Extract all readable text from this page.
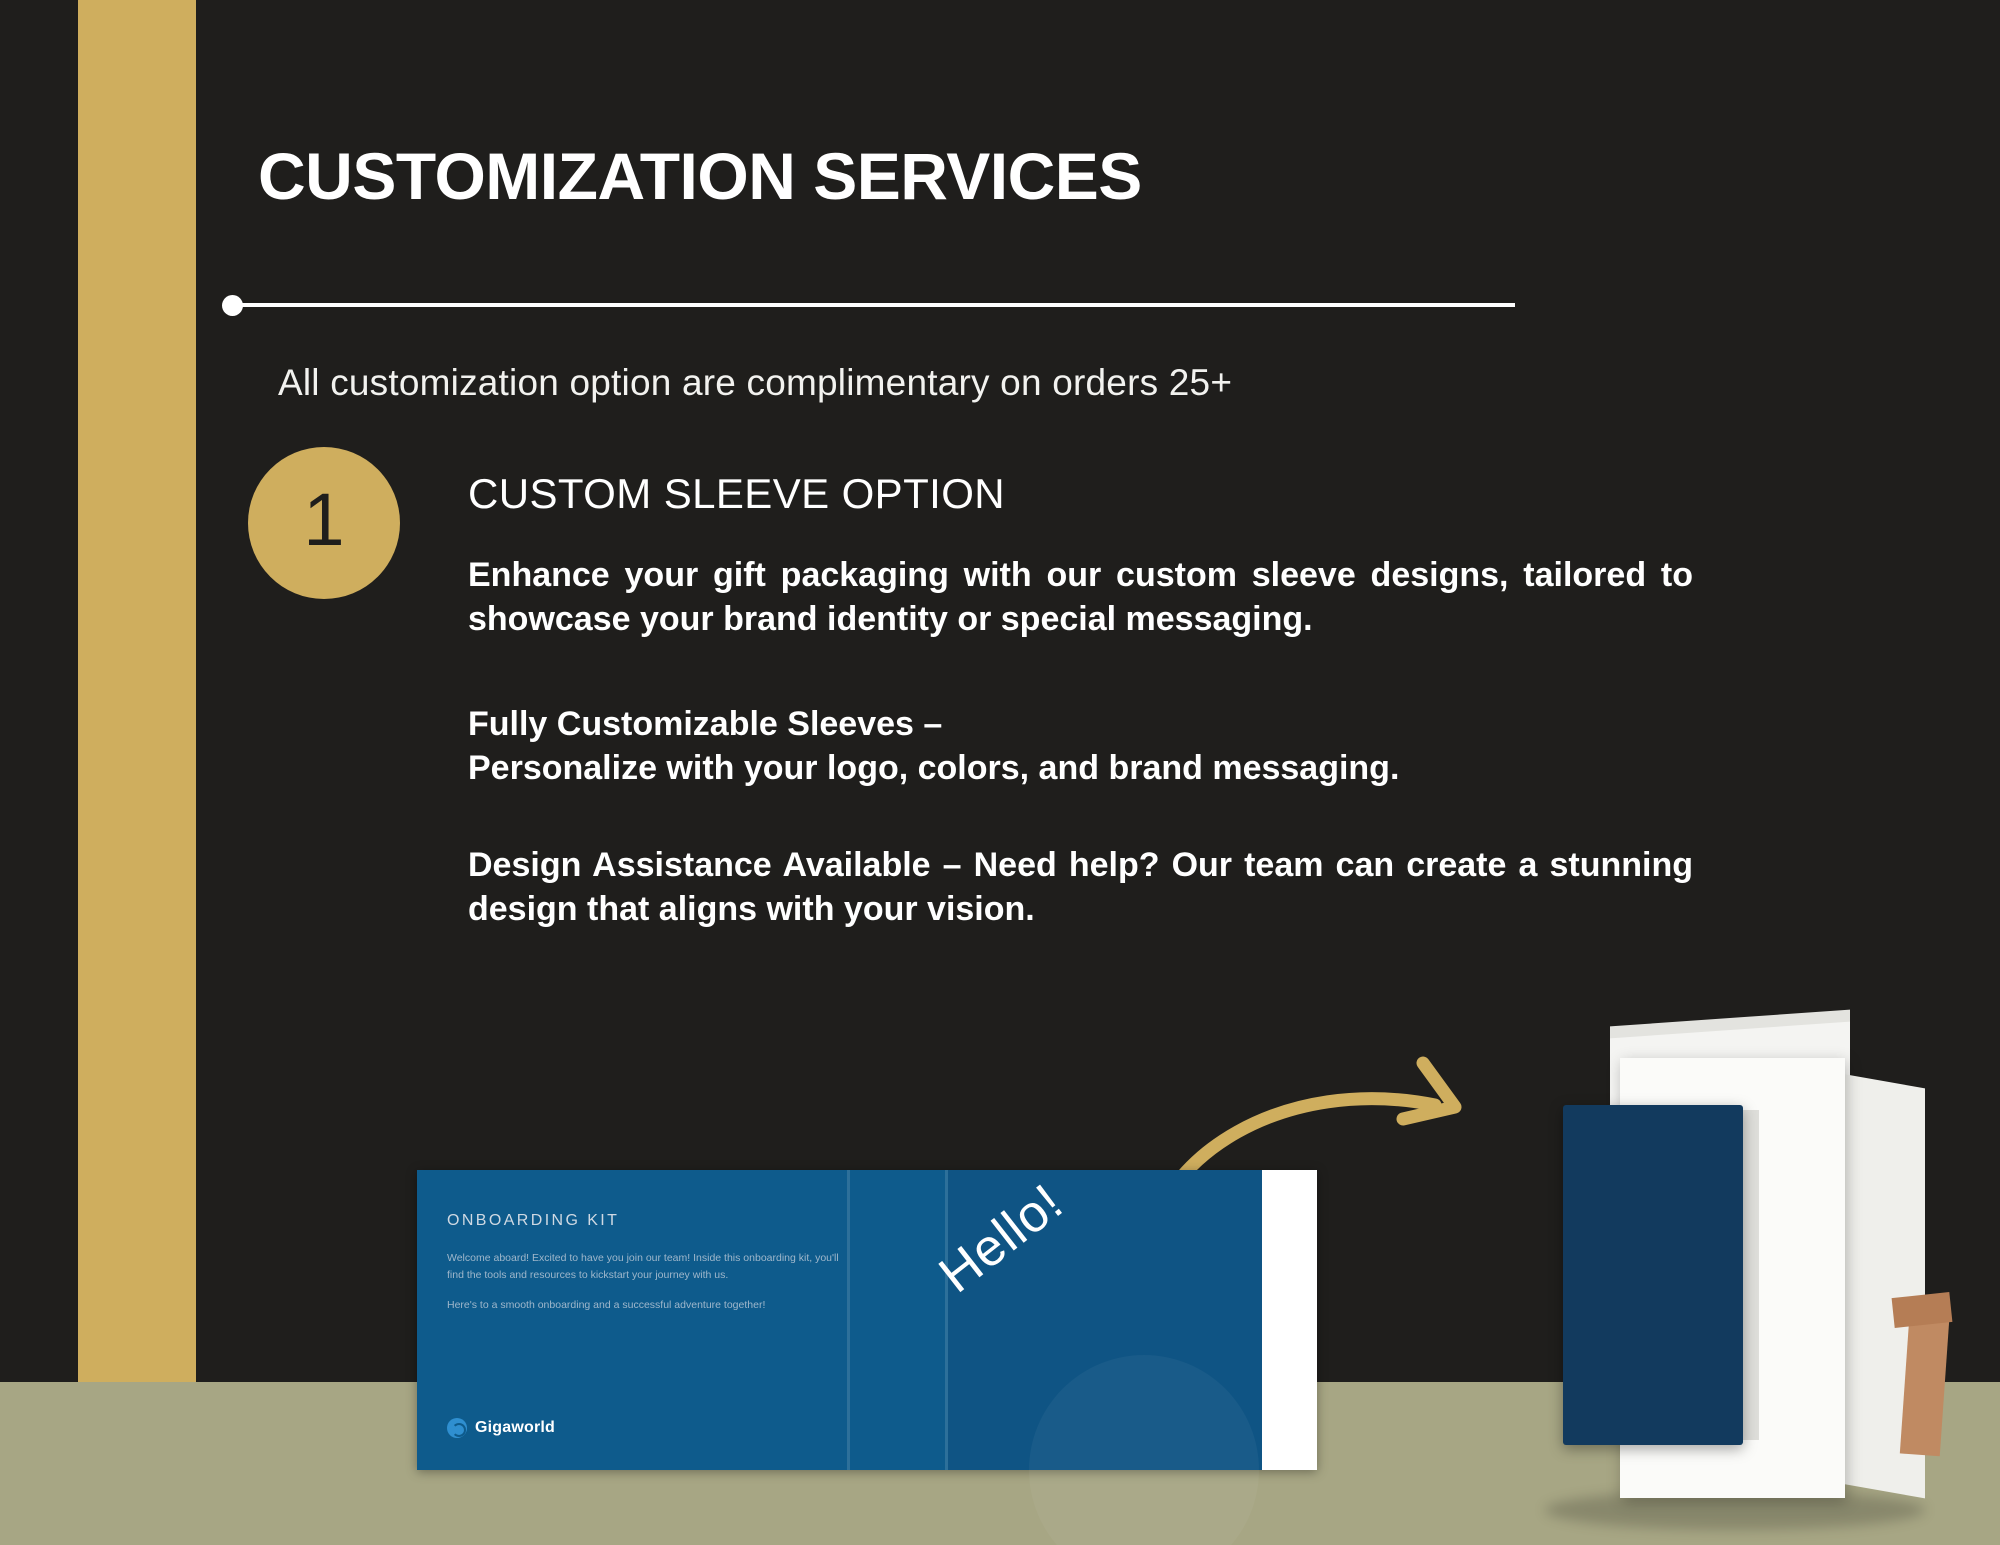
CUSTOMIZATION SERVICES
All customization option are complimentary on orders 25+
1	CUSTOM SLEEVE OPTION

Enhance your gift packaging with our custom sleeve designs, tailored to showcase your brand identity or special messaging.

Fully Customizable Sleeves –

Personalize with your logo, colors, and brand messaging.

Design Assistance Available – Need help? Our team can create a stunning design that aligns with your vision.

ONBOARDING KIT

Welcome aboard! Excited to have you join our team! Inside this onboarding kit, you'll find the tools and resources to kickstart your journey with us.

Here's to a smooth onboarding and a successful adventure together!

Gigaworld
Hello!
